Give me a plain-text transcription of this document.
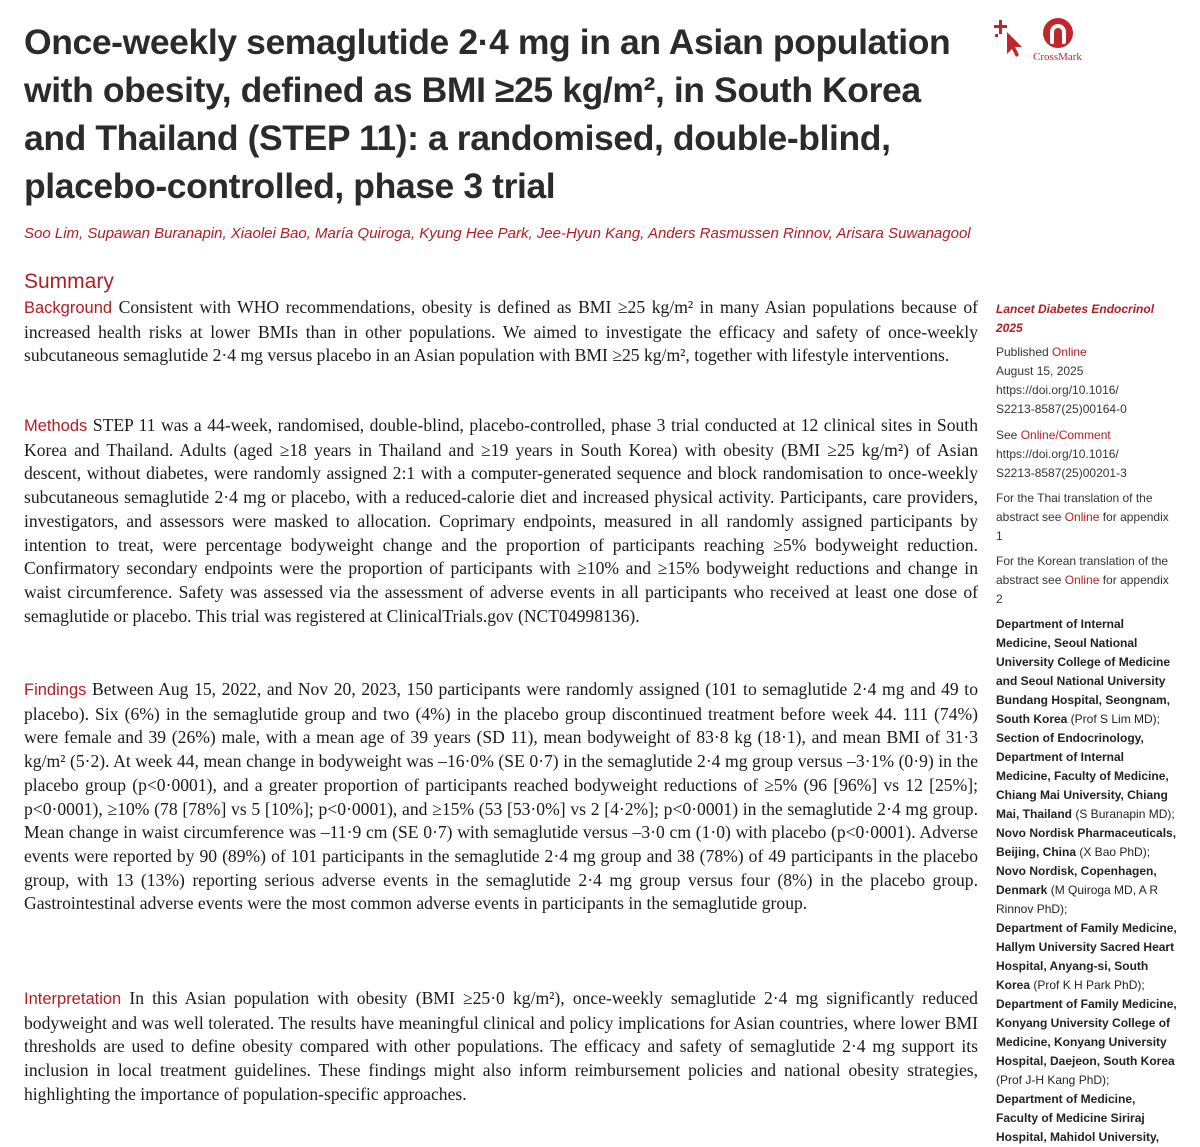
Once-weekly semaglutide 2·4 mg in an Asian population with obesity, defined as BMI ≥25 kg/m², in South Korea and Thailand (STEP 11): a randomised, double-blind, placebo-controlled, phase 3 trial
CrossMark
Soo Lim, Supawan Buranapin, Xiaolei Bao, María Quiroga, Kyung Hee Park, Jee-Hyun Kang, Anders Rasmussen Rinnov, Arisara Suwanagool
Summary

Background Consistent with WHO recommendations, obesity is defined as BMI ≥25 kg/m² in many Asian populations because of increased health risks at lower BMIs than in other populations. We aimed to investigate the efficacy and safety of once-weekly subcutaneous semaglutide 2·4 mg versus placebo in an Asian population with BMI ≥25 kg/m², together with lifestyle interventions.

Methods STEP 11 was a 44-week, randomised, double-blind, placebo-controlled, phase 3 trial conducted at 12 clinical sites in South Korea and Thailand. Adults (aged ≥18 years in Thailand and ≥19 years in South Korea) with obesity (BMI ≥25 kg/m²) of Asian descent, without diabetes, were randomly assigned 2:1 with a computer-generated sequence and block randomisation to once-weekly subcutaneous semaglutide 2·4 mg or placebo, with a reduced-calorie diet and increased physical activity. Participants, care providers, investigators, and assessors were masked to allocation. Coprimary endpoints, measured in all randomly assigned participants by intention to treat, were percentage bodyweight change and the proportion of participants reaching ≥5% bodyweight reduction. Confirmatory secondary endpoints were the proportion of participants with ≥10% and ≥15% bodyweight reductions and change in waist circumference. Safety was assessed via the assessment of adverse events in all participants who received at least one dose of semaglutide or placebo. This trial was registered at ClinicalTrials.gov (NCT04998136).

Findings Between Aug 15, 2022, and Nov 20, 2023, 150 participants were randomly assigned (101 to semaglutide 2·4 mg and 49 to placebo). Six (6%) in the semaglutide group and two (4%) in the placebo group discontinued treatment before week 44. 111 (74%) were female and 39 (26%) male, with a mean age of 39 years (SD 11), mean bodyweight of 83·8 kg (18·1), and mean BMI of 31·3 kg/m² (5·2). At week 44, mean change in bodyweight was –16·0% (SE 0·7) in the semaglutide 2·4 mg group versus –3·1% (0·9) in the placebo group (p<0·0001), and a greater proportion of participants reached bodyweight reductions of ≥5% (96 [96%] vs 12 [25%]; p<0·0001), ≥10% (78 [78%] vs 5 [10%]; p<0·0001), and ≥15% (53 [53·0%] vs 2 [4·2%]; p<0·0001) in the semaglutide 2·4 mg group. Mean change in waist circumference was –11·9 cm (SE 0·7) with semaglutide versus –3·0 cm (1·0) with placebo (p<0·0001). Adverse events were reported by 90 (89%) of 101 participants in the semaglutide 2·4 mg group and 38 (78%) of 49 participants in the placebo group, with 13 (13%) reporting serious adverse events in the semaglutide 2·4 mg group versus four (8%) in the placebo group. Gastrointestinal adverse events were the most common adverse events in participants in the semaglutide group.

Interpretation In this Asian population with obesity (BMI ≥25·0 kg/m²), once-weekly semaglutide 2·4 mg significantly reduced bodyweight and was well tolerated. The results have meaningful clinical and policy implications for Asian countries, where lower BMI thresholds are used to define obesity compared with other populations. The efficacy and safety of semaglutide 2·4 mg support its inclusion in local treatment guidelines. These findings might also inform reimbursement policies and national obesity strategies, highlighting the importance of population-specific approaches.

Lancet Diabetes Endocrinol 2025

Published Online

August 15, 2025

https://doi.org/10.1016/

S2213-8587(25)00164-0

See Online/Comment

https://doi.org/10.1016/

S2213-8587(25)00201-3

For the Thai translation of the abstract see Online for appendix 1

For the Korean translation of the abstract see Online for appendix 2

Department of Internal Medicine, Seoul National University College of Medicine and Seoul National University Bundang Hospital, Seongnam, South Korea (Prof S Lim MD);

Section of Endocrinology, Department of Internal Medicine, Faculty of Medicine, Chiang Mai University, Chiang Mai, Thailand (S Buranapin MD);

Novo Nordisk Pharmaceuticals, Beijing, China (X Bao PhD);

Novo Nordisk, Copenhagen, Denmark (M Quiroga MD, A R Rinnov PhD);

Department of Family Medicine, Hallym University Sacred Heart Hospital, Anyang-si, South Korea (Prof K H Park PhD);

Department of Family Medicine, Konyang University College of Medicine, Konyang University Hospital, Daejeon, South Korea (Prof J-H Kang PhD);

Department of Medicine, Faculty of Medicine Siriraj Hospital, Mahidol University,
